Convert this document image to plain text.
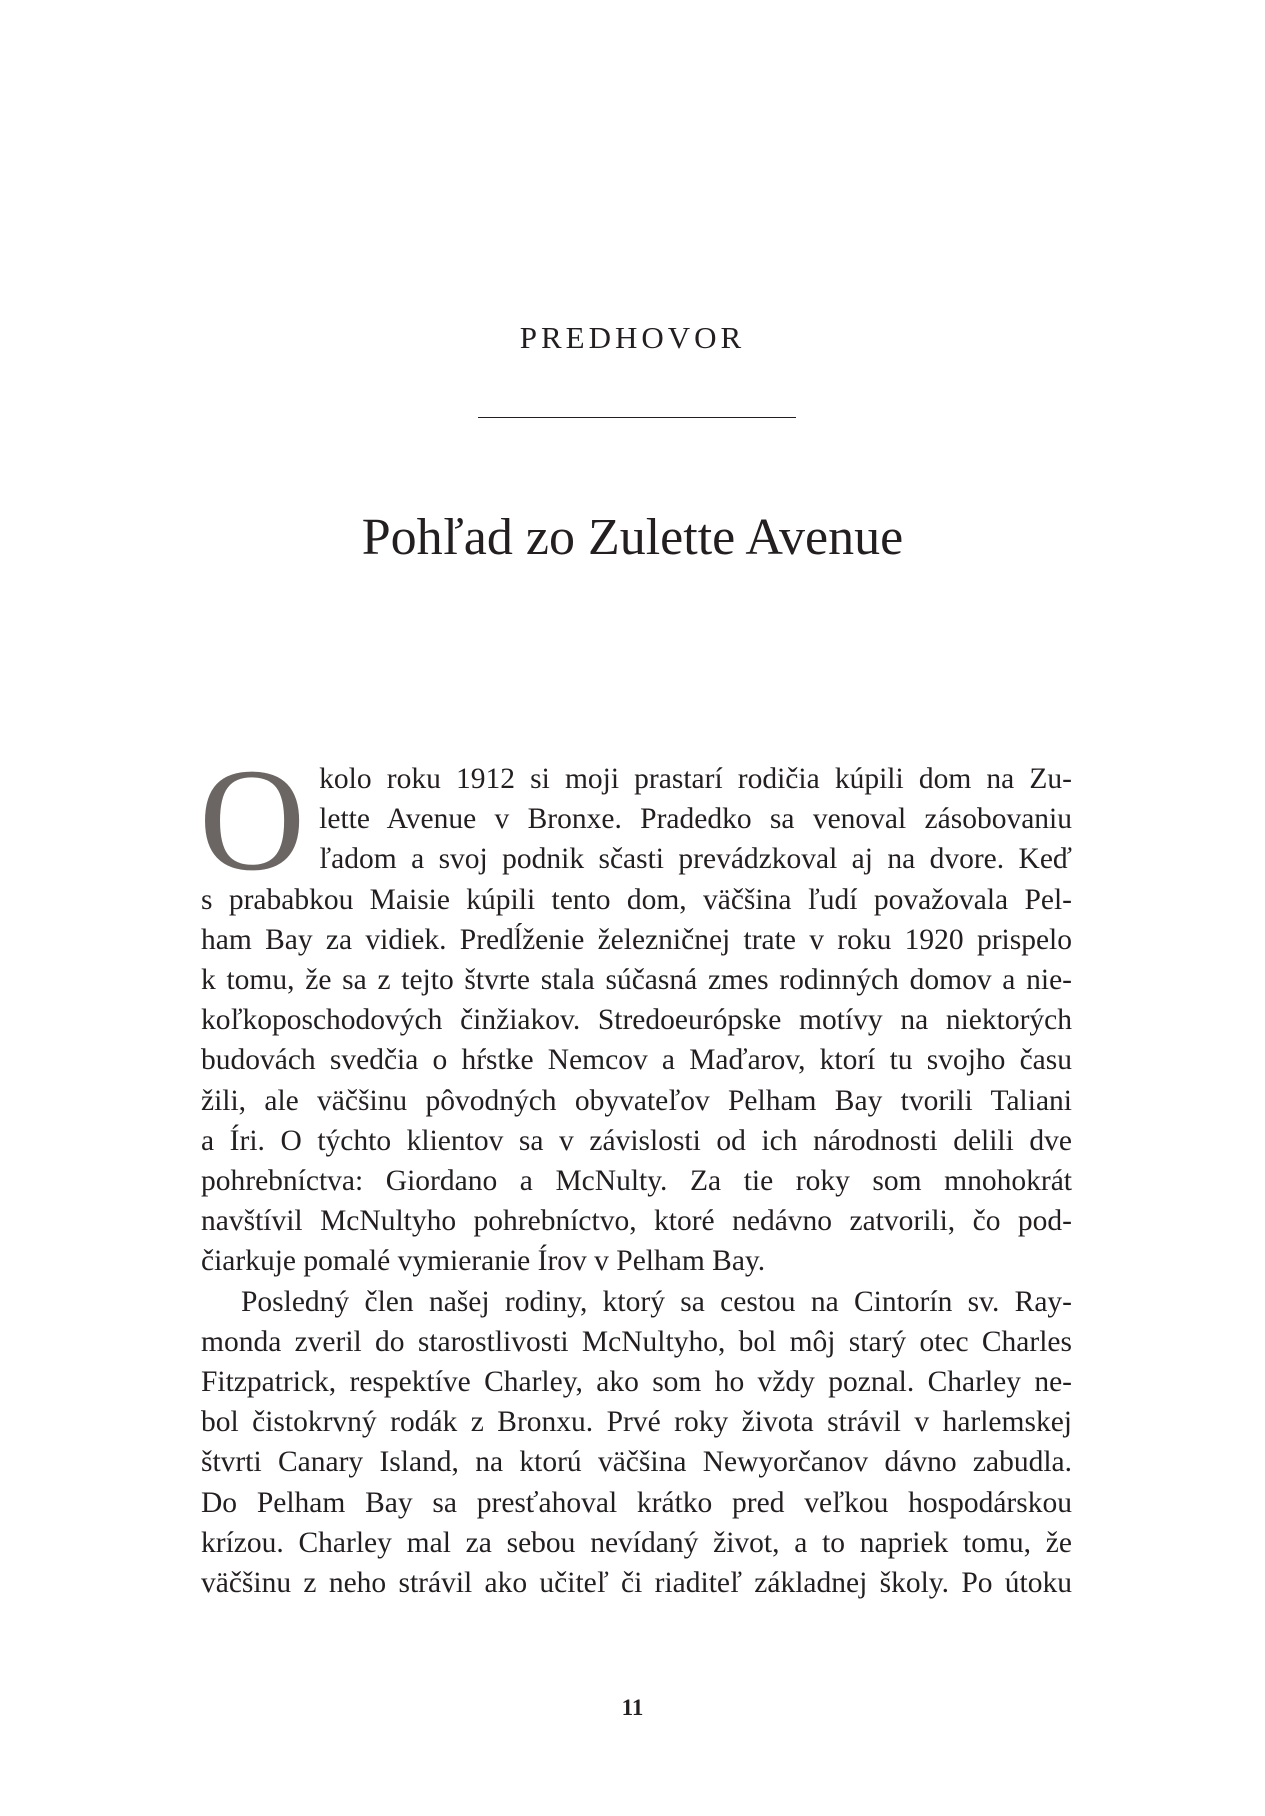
PREDHOVOR
Pohľad zo Zulette Avenue
O kolo roku 1912 si moji prastarí rodičia kúpili dom na Zu-

lette Avenue v Bronxe. Pradedko sa venoval zásobovaniu

ľadom a svoj podnik sčasti prevádzkoval aj na dvore. Keď

s prababkou Maisie kúpili tento dom, väčšina ľudí považovala Pel-

ham Bay za vidiek. Predĺženie železničnej trate v roku 1920 prispelo

k tomu, že sa z tejto štvrte stala súčasná zmes rodinných domov a nie-

koľkoposchodových činžiakov. Stredoeurópske motívy na niektorých

budovách svedčia o hŕstke Nemcov a Maďarov, ktorí tu svojho času

žili, ale väčšinu pôvodných obyvateľov Pelham Bay tvorili Taliani

a Íri. O týchto klientov sa v závislosti od ich národnosti delili dve

pohrebníctva: Giordano a McNulty. Za tie roky som mnohokrát

navštívil McNultyho pohrebníctvo, ktoré nedávno zatvorili, čo pod-

čiarkuje pomalé vymieranie Írov v Pelham Bay.

Posledný člen našej rodiny, ktorý sa cestou na Cintorín sv. Ray-

monda zveril do starostlivosti McNultyho, bol môj starý otec Charles

Fitzpatrick, respektíve Charley, ako som ho vždy poznal. Charley ne-

bol čistokrvný rodák z Bronxu. Prvé roky života strávil v harlemskej

štvrti Canary Island, na ktorú väčšina Newyorčanov dávno zabudla.

Do Pelham Bay sa presťahoval krátko pred veľkou hospodárskou

krízou. Charley mal za sebou nevídaný život, a to napriek tomu, že

väčšinu z neho strávil ako učiteľ či riaditeľ základnej školy. Po útoku

11
